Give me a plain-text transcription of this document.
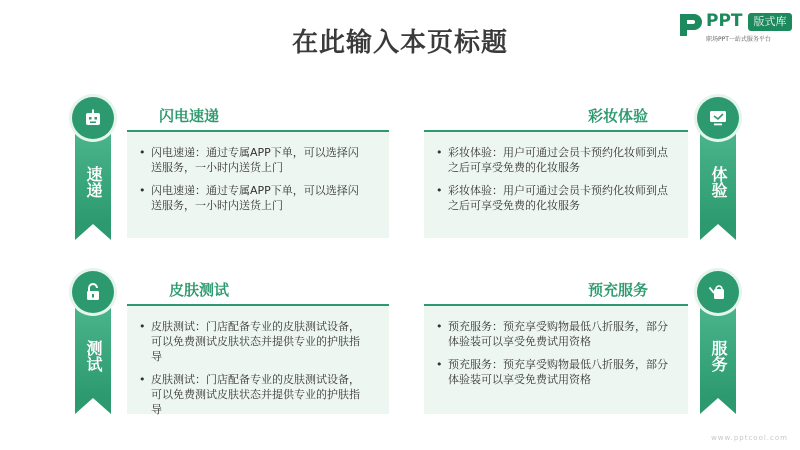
在此输入本页标题
PPT 版式库
职场PPT一站式服务平台
速递
闪电速递
• 闪电速递：通过专属APP下单，可以选择闪送服务，一小时内送货上门
• 闪电速递：通过专属APP下单，可以选择闪送服务，一小时内送货上门
体验
彩妆体验
• 彩妆体验：用户可通过会员卡预约化妆师到点之后可享受免费的化妆服务
• 彩妆体验：用户可通过会员卡预约化妆师到点之后可享受免费的化妆服务
测试
皮肤测试
• 皮肤测试：门店配备专业的皮肤测试设备，可以免费测试皮肤状态并提供专业的护肤指导
• 皮肤测试：门店配备专业的皮肤测试设备，可以免费测试皮肤状态并提供专业的护肤指导
服务
预充服务
• 预充服务：预充享受购物最低八折服务，部分体验装可以享受免费试用资格
• 预充服务：预充享受购物最低八折服务，部分体验装可以享受免费试用资格
www.pptcool.com
